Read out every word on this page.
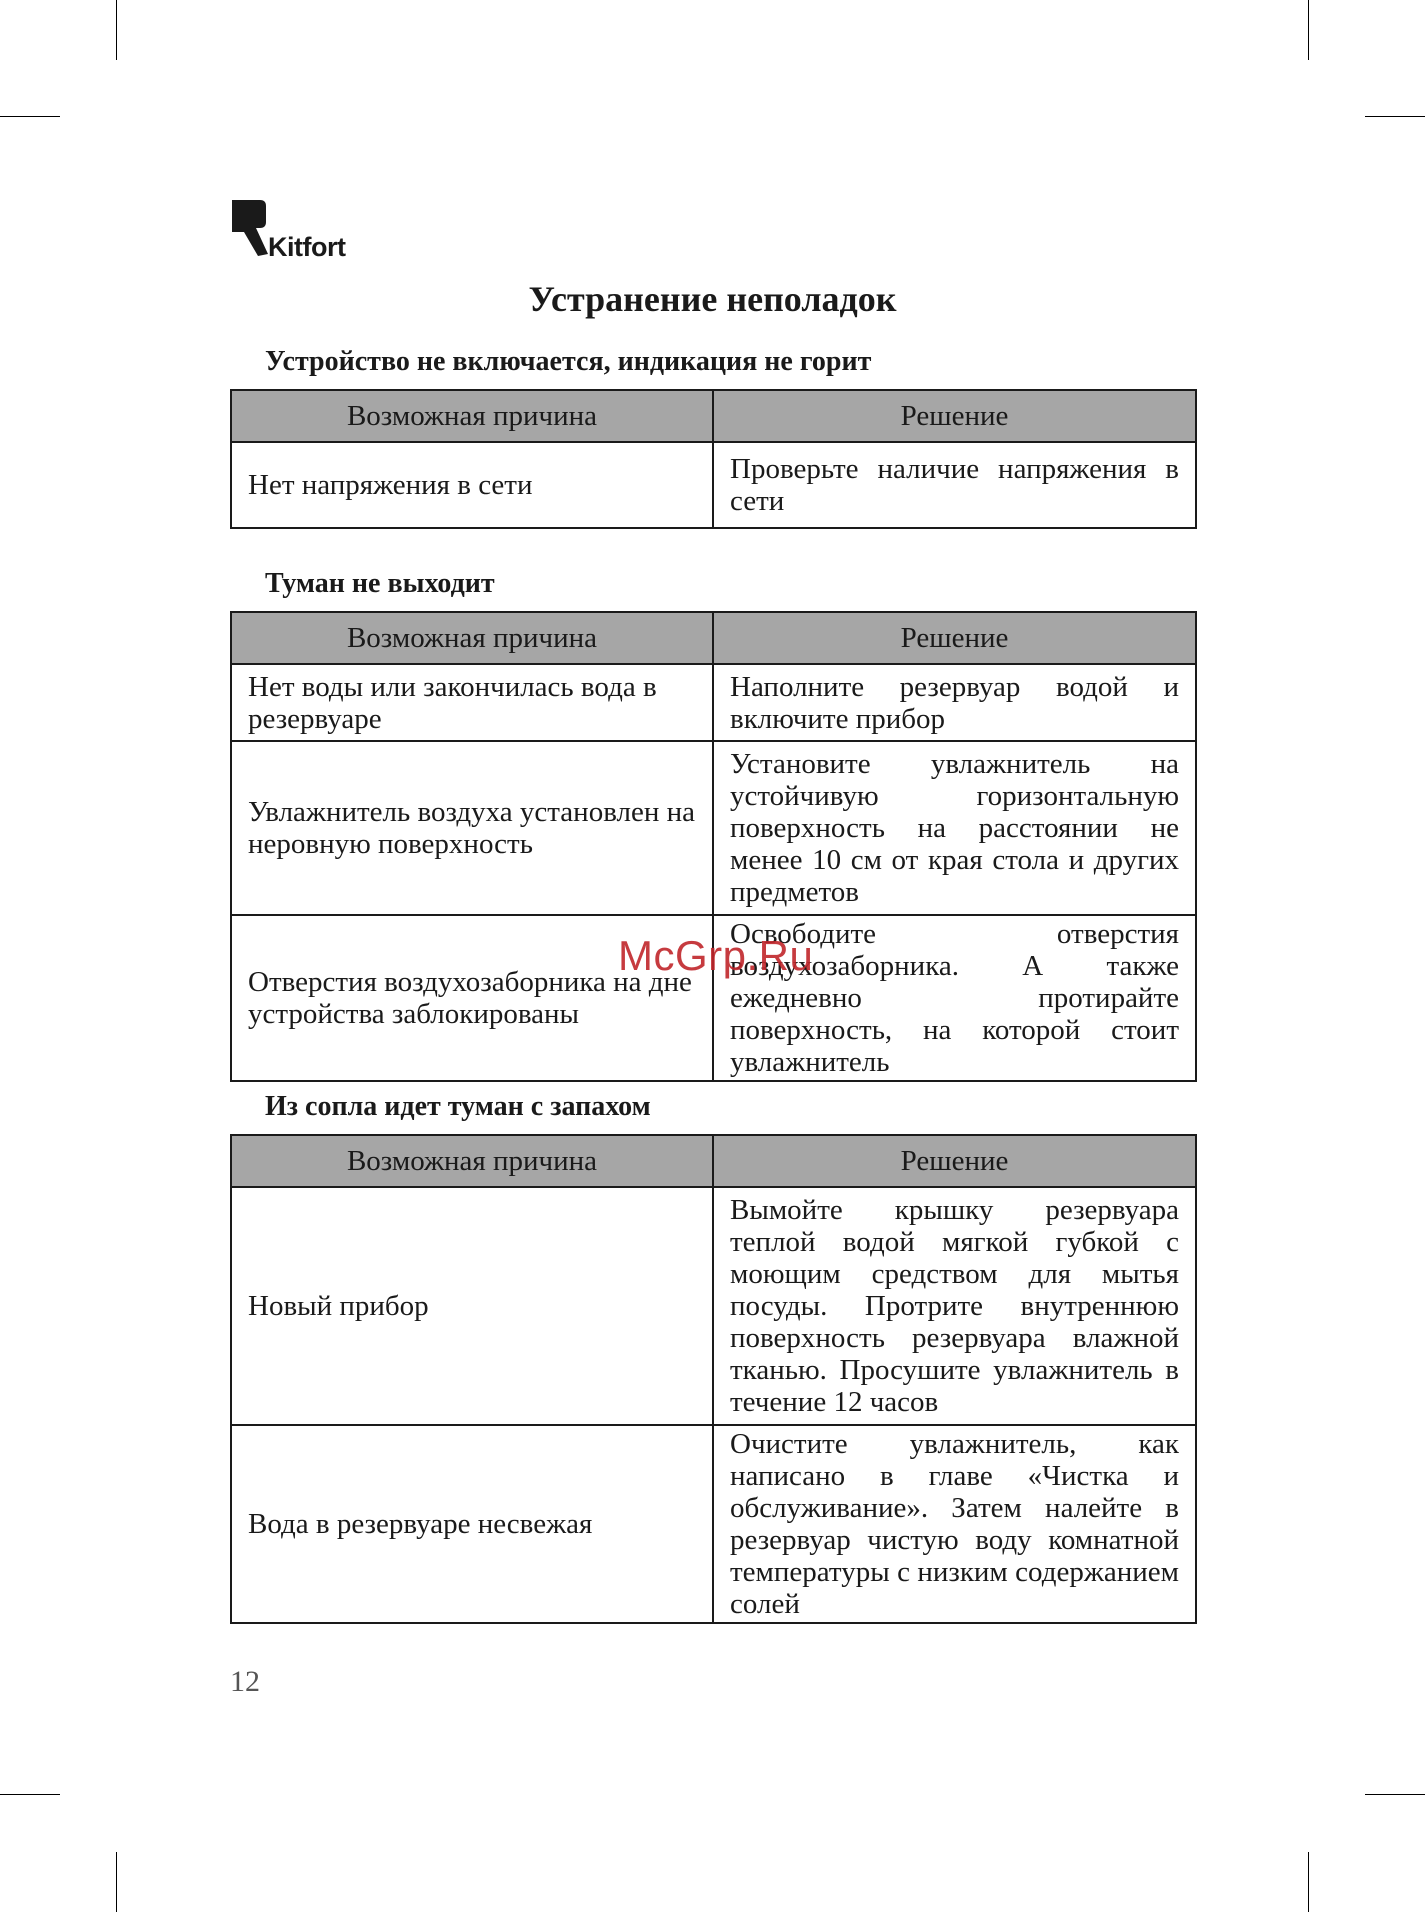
Kitfort
Устранение неполадок
Устройство не включается, индикация не горит
Возможная причина	Решение
Нет напряжения в сети	Проверьте наличие напряжения в сети
Туман не выходит
Возможная причина	Решение
Нет воды или закончилась вода в резервуаре	Наполните резервуар водой и включите прибор
Увлажнитель воздуха установлен на неровную поверхность	Установите увлажнитель на устойчивую горизонтальную поверхность на расстоянии не менее 10 см от края стола и других предметов
Отверстия воздухозаборника на дне устройства заблокированы	Освободите отверстия воздухозаборника. А также ежедневно протирайте поверхность, на которой стоит увлажнитель
Из сопла идет туман с запахом
Возможная причина	Решение
Новый прибор	Вымойте крышку резервуара теплой водой мягкой губкой с моющим средством для мытья посуды. Протрите внутреннюю поверхность резервуара влажной тканью. Просушите увлажнитель в течение 12 часов
Вода в резервуаре несвежая	Очистите увлажнитель, как написано в главе «Чистка и обслуживание». Затем налейте в резервуар чистую воду комнатной температуры с низким содержанием солей
McGrp.Ru
12
